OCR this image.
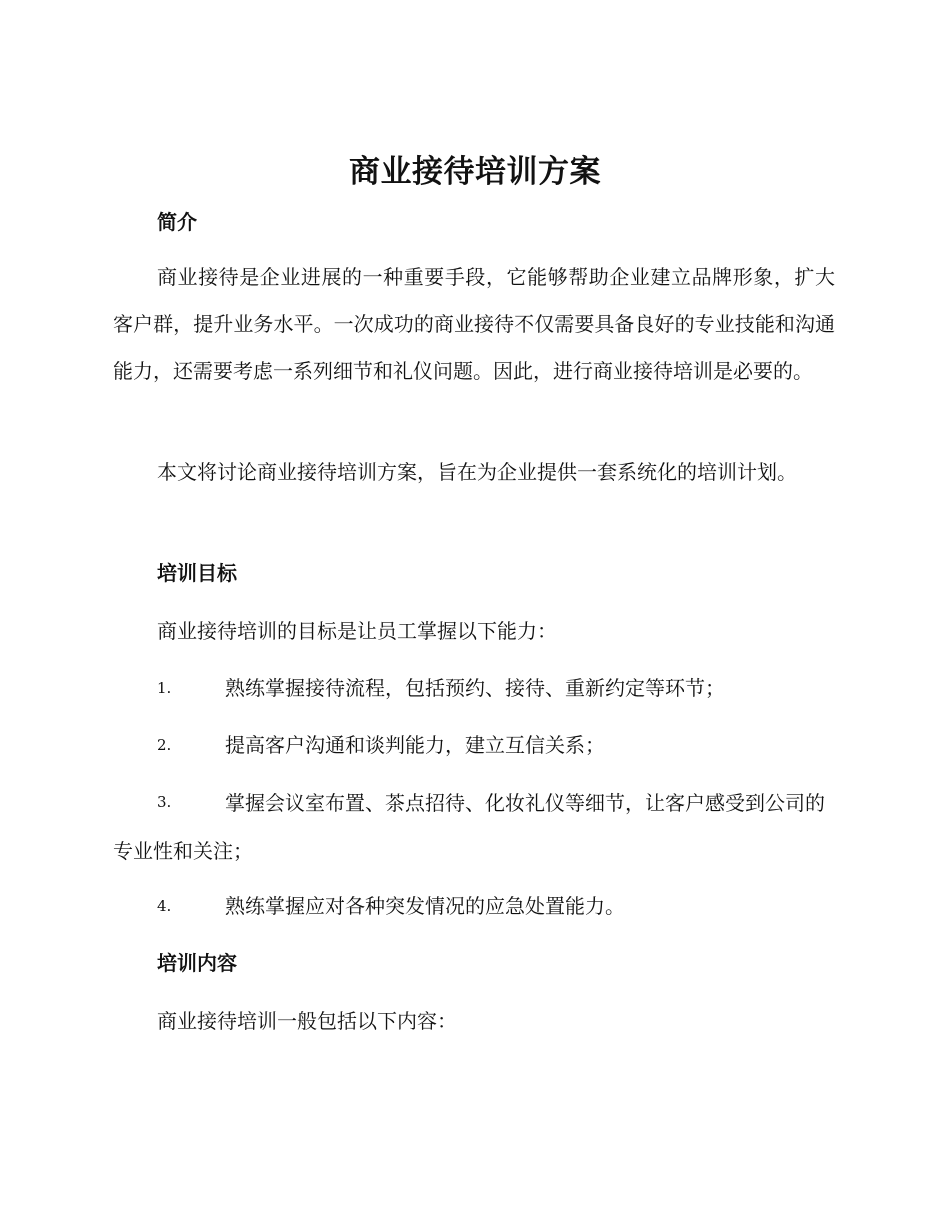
商业接待培训方案
简介
商业接待是企业进展的一种重要手段，它能够帮助企业建立品牌形象，扩大客户群，提升业务水平。一次成功的商业接待不仅需要具备良好的专业技能和沟通能力，还需要考虑一系列细节和礼仪问题。因此，进行商业接待培训是必要的。
本文将讨论商业接待培训方案，旨在为企业提供一套系统化的培训计划。
培训目标
商业接待培训的目标是让员工掌握以下能力：
1.	熟练掌握接待流程，包括预约、接待、重新约定等环节；
2.	提高客户沟通和谈判能力，建立互信关系；
3.	掌握会议室布置、茶点招待、化妆礼仪等细节，让客户感受到公司的专业性和关注；
4.	熟练掌握应对各种突发情况的应急处置能力。
培训内容
商业接待培训一般包括以下内容：
